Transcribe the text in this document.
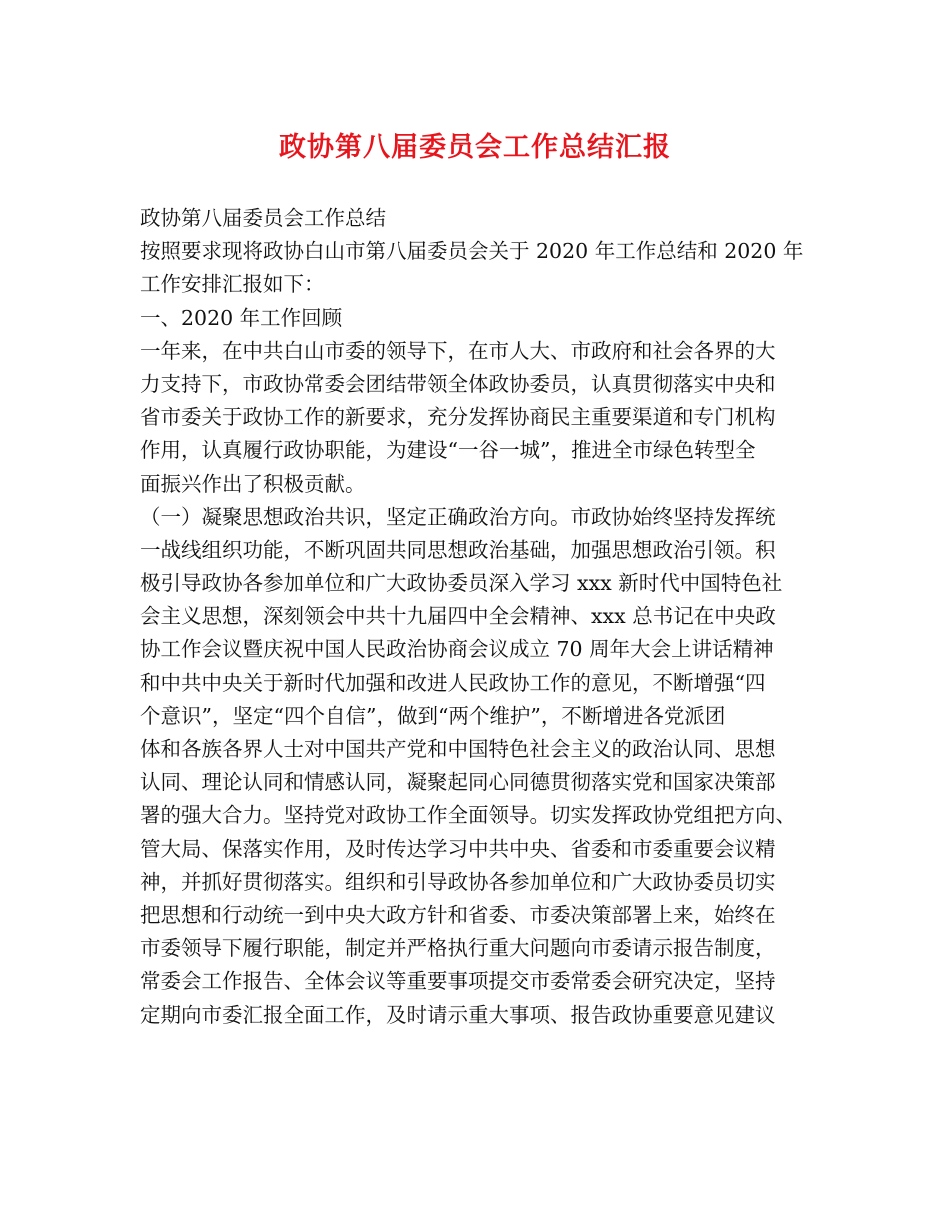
政协第八届委员会工作总结汇报
政协第八届委员会工作总结
按照要求现将政协白山市第八届委员会关于 2020 年工作总结和 2020 年
工作安排汇报如下：
一、2020 年工作回顾
一年来，在中共白山市委的领导下，在市人大、市政府和社会各界的大
力支持下，市政协常委会团结带领全体政协委员，认真贯彻落实中央和
省市委关于政协工作的新要求，充分发挥协商民主重要渠道和专门机构
作用，认真履行政协职能，为建设“一谷一城”，推进全市绿色转型全
面振兴作出了积极贡献。
（一）凝聚思想政治共识，坚定正确政治方向。市政协始终坚持发挥统
一战线组织功能，不断巩固共同思想政治基础，加强思想政治引领。积
极引导政协各参加单位和广大政协委员深入学习 xxx 新时代中国特色社
会主义思想，深刻领会中共十九届四中全会精神、xxx 总书记在中央政
协工作会议暨庆祝中国人民政治协商会议成立 70 周年大会上讲话精神
和中共中央关于新时代加强和改进人民政协工作的意见，不断增强“四
个意识”，坚定“四个自信”，做到“两个维护”，不断增进各党派团
体和各族各界人士对中国共产党和中国特色社会主义的政治认同、思想
认同、理论认同和情感认同，凝聚起同心同德贯彻落实党和国家决策部
署的强大合力。坚持党对政协工作全面领导。切实发挥政协党组把方向、
管大局、保落实作用，及时传达学习中共中央、省委和市委重要会议精
神，并抓好贯彻落实。组织和引导政协各参加单位和广大政协委员切实
把思想和行动统一到中央大政方针和省委、市委决策部署上来，始终在
市委领导下履行职能，制定并严格执行重大问题向市委请示报告制度，
常委会工作报告、全体会议等重要事项提交市委常委会研究决定，坚持
定期向市委汇报全面工作，及时请示重大事项、报告政协重要意见建议
